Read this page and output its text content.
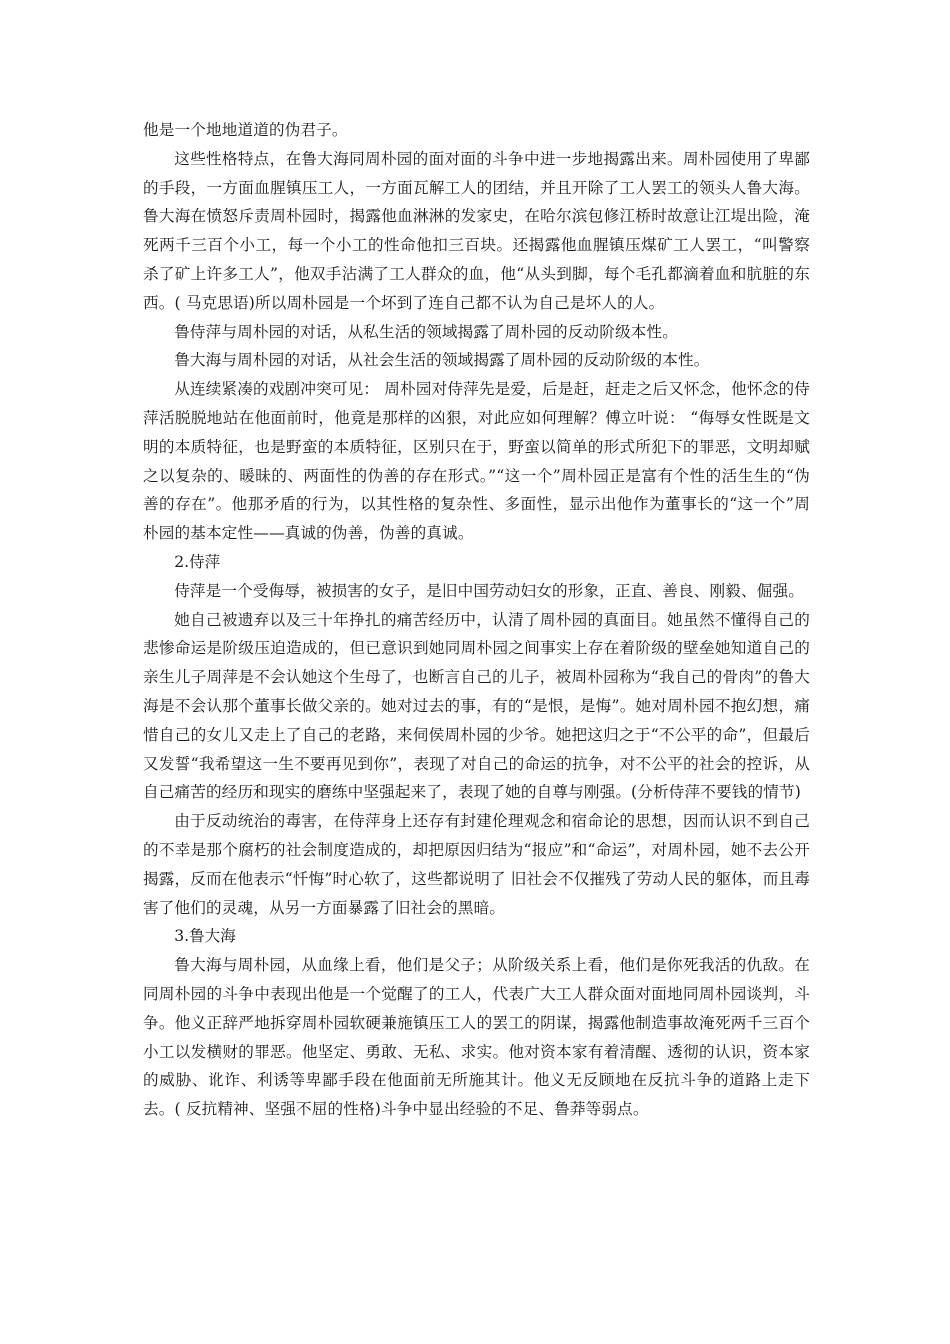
他是一个地地道道的伪君子。

这些性格特点，在鲁大海同周朴园的面对面的斗争中进一步地揭露出来。周朴园使用了卑鄙的手段，一方面血腥镇压工人，一方面瓦解工人的团结，并且开除了工人罢工的领头人鲁大海。鲁大海在愤怒斥责周朴园时，揭露他血淋淋的发家史，在哈尔滨包修江桥时故意让江堤出险，淹死两千三百个小工，每一个小工的性命他扣三百块。还揭露他血腥镇压煤矿工人罢工，“叫警察杀了矿上许多工人”，他双手沾满了工人群众的血，他“从头到脚，每个毛孔都滴着血和肮脏的东西。( 马克思语)所以周朴园是一个坏到了连自己都不认为自己是坏人的人。

鲁侍萍与周朴园的对话，从私生活的领域揭露了周朴园的反动阶级本性。

鲁大海与周朴园的对话，从社会生活的领域揭露了周朴园的反动阶级的本性。

从连续紧凑的戏剧冲突可见： 周朴园对侍萍先是爱，后是赶，赶走之后又怀念，他怀念的侍萍活脱脱地站在他面前时，他竟是那样的凶狠，对此应如何理解？傅立叶说： “侮辱女性既是文明的本质特征，也是野蛮的本质特征，区别只在于，野蛮以简单的形式所犯下的罪恶，文明却赋之以复杂的、暖昧的、两面性的伪善的存在形式。”“这一个”周朴园正是富有个性的活生生的“伪善的存在”。他那矛盾的行为，以其性格的复杂性、多面性，显示出他作为董事长的“这一个”周朴园的基本定性——真诚的伪善，伪善的真诚。

2.侍萍

侍萍是一个受侮辱，被损害的女子，是旧中国劳动妇女的形象，正直、善良、刚毅、倔强。

她自己被遗弃以及三十年挣扎的痛苦经历中，认清了周朴园的真面目。她虽然不懂得自己的悲惨命运是阶级压迫造成的，但已意识到她同周朴园之间事实上存在着阶级的壁垒她知道自己的亲生儿子周萍是不会认她这个生母了，也断言自己的儿子，被周朴园称为“我自己的骨肉”的鲁大海是不会认那个董事长做父亲的。她对过去的事，有的“是恨，是悔”。她对周朴园不抱幻想，痛惜自己的女儿又走上了自己的老路，来伺侯周朴园的少爷。她把这归之于“不公平的命”，但最后又发誓“我希望这一生不要再见到你”，表现了对自己的命运的抗争，对不公平的社会的控诉，从自己痛苦的经历和现实的磨练中坚强起来了，表现了她的自尊与刚强。(分析侍萍不要钱的情节)

由于反动统治的毒害，在侍萍身上还存有封建伦理观念和宿命论的思想，因而认识不到自己的不幸是那个腐朽的社会制度造成的，却把原因归结为“报应”和“命运”，对周朴园，她不去公开揭露，反而在他表示“忏悔”时心软了，这些都说明了 旧社会不仅摧残了劳动人民的躯体，而且毒害了他们的灵魂，从另一方面暴露了旧社会的黑暗。

3.鲁大海

鲁大海与周朴园，从血缘上看，他们是父子；从阶级关系上看，他们是你死我活的仇敌。在同周朴园的斗争中表现出他是一个觉醒了的工人，代表广大工人群众面对面地同周朴园谈判，斗争。他义正辞严地拆穿周朴园软硬兼施镇压工人的罢工的阴谋，揭露他制造事故淹死两千三百个小工以发横财的罪恶。他坚定、勇敢、无私、求实。他对资本家有着清醒、透彻的认识，资本家的威胁、讹诈、利诱等卑鄙手段在他面前无所施其计。他义无反顾地在反抗斗争的道路上走下去。( 反抗精神、坚强不屈的性格)斗争中显出经验的不足、鲁莽等弱点。
